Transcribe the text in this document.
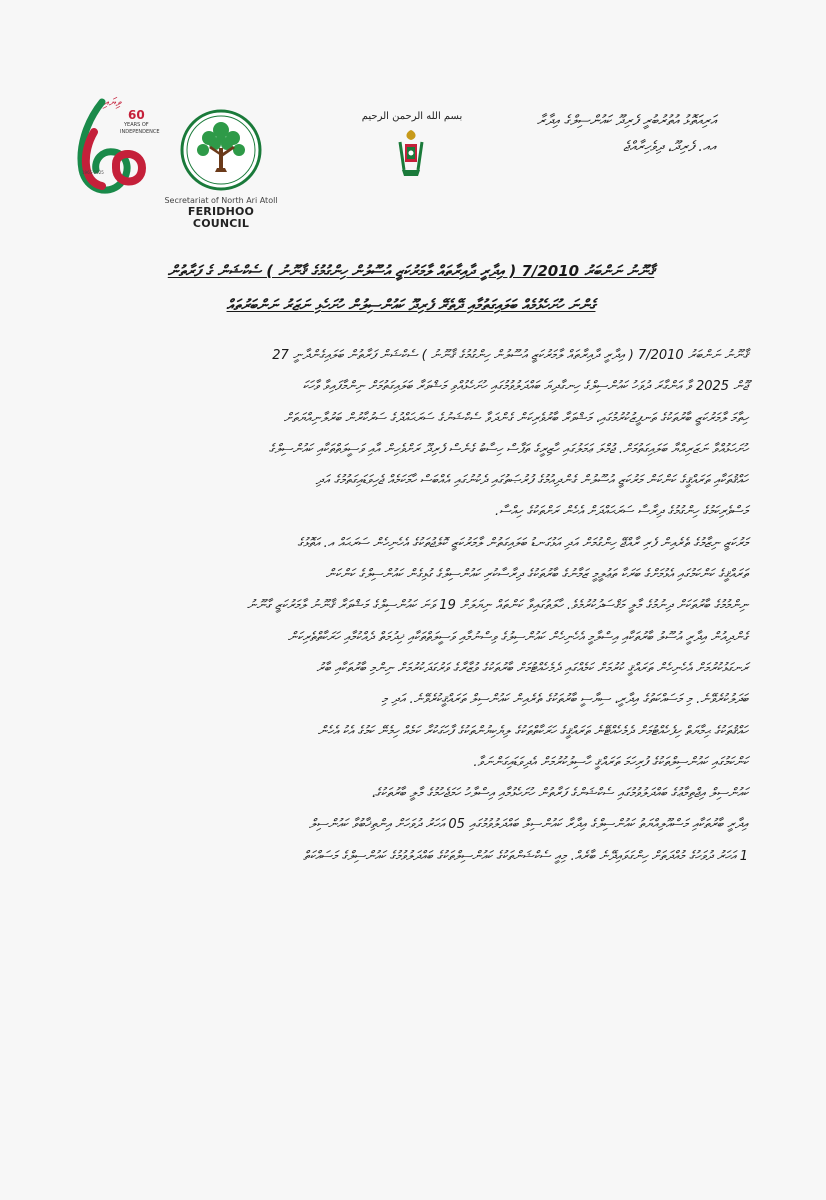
ވިޔައި
YEARS OF
INDEPENDENCE
60
1965-2025
Secretariat of North Ari Atoll
FERIDHOO COUNCIL
بسم الله الرحمن الرحيم	އަރިއަތޮޅު އުތުރުބުރީ ފެރިދޫ ކައުންސިލްގެ އިދާރާ
އއ. ފެރިދޫ، ދިވެހިރާއްޖެ
ޤާނޫނު ނަންބަރު 7/2010 ( އިދާރީ ދާއިރާތައް ލާމަރުކަޒީ އުސޫލުން ހިންގުމުގެ ޤާނޫނު ) ސެކްޝަން ގެ ފަރާތުން
ގެންނަ ހުށަހެޅުމެއް ބަލައިގަތުމާއި ދޭތެރޭ ފެރިދޫ ކައުންސިލުން ހުށަހެޅި ނަޒަރު ނަންބަރުތައް
ޤާނޫނު ނަންބަރު 7/2010 ( އިދާރީ ދާއިރާތައް ލާމަރުކަޒީ އުސޫލުން ހިންގުމުގެ ޤާނޫނު ) ސެކްޝަން ފަރާތުން ބަލައިގެންދާނީ 27
ޖޫން 2025 ވާ އަންގާރަ ދުވަހު ކައުންސިލްގެ ހިނގާދިޔަ ބައްދަލުވުމުގައި ހުށަހެޅުއްވި މަޝްވަރާ ބަލައިގަތުމަށް ނިންމާފައިވާ ވާހަކަ
ހިތާމަ ލާމަރުކަޒީ ބާރުތަކުގެ ތަނފީޒުކުރުމުގައި، މަޝްވަރާ ބާރުވެރިކަން ގެންދަވާ ސެކްޝަނުގެ ސަރަޙައްދުގެ ސަރުކާރުން ބަރުލާނިއްޔަތަށް
ހުށަހަޅުއްވާ ނަޒަރިއްޔާ ބަލައިގަތުމަށް. ޖުމްލަ ޢަމަލުގައި ހާޒިރީގެ ތަފާސް ހިސާބު ގެނެސް ފެރިދޫ ރަށްވެހިން އާއި ވަސީލަތްތަކާއި ކައުންސިލްގެ
ހައްޤުތަކާއި ތަރައްޤީގެ ކަންކަން މަރުކަޒީ އުސޫލުން ގެންދިއުމުގެ ފުރުޞަތުގައި ދެކުނުގައި އެއްބަސް ހާމަކަމެއް ޖެހިވަޑައިގަތުމުގެ އަދި
މަސްވެރިކަމުގެ ހިންގުމުގެ ދިރާސާ ސަރަޙައްދަށް އެހެން ރަށްތަކުގެ ހިއްސާ.
މަރުކަޒީ ނިޒާމުގެ ތެރެއިން ފެރި ރާއްޖޭ ހިންގުމަށް އަދި އަޅުގަނޑު ބަލައިގަތުން ލާމަރުކަޒީ ކޮލެޖުތަކުގެ އެހެނިހެން ސަރަޙައް އ. އަތޮޅުގެ
ތަރައްޤީގެ ކަންކަމުގައި އެޅުމަށްގެ ބަރަކާ ތަޢުލީމީ ޒަމާނުގެ ބާރުތަކުގެ ދިރާސާކުރި ކައުންސިލްގެ ގުޅިގެން ކައުންސިލްގެ ކަންކަން
ނިންމުމުގެ ބާރުތަކަށް ދިނުމުގެ މާލީ މަޤްސަދުކުރުމެވެ. ހާލަތުގައިވާ ކަންތައް ނިޔަލަށް 19 ވަނަ ކައުންސިލްގެ މަޝްވަރާ ޤާނޫނު ލާމަރުކަޒީ ގާނޫނު
ގެންދިއުން އިދާރީ އުސޫލު ބާރުތަކާއި އިސްލާމީ އެހެނިހެން ކައުންސިލުގެ ވިސްނުމާއި ވަސީލަތްތަކާއި ޚިދުމަތް ދެއްކުމާއި ހަރަކާތްތެރިކަން
ރަނގަޅުކުރުމަށް އެހެނިހެން ތަރައްޤީ ކުރުމަށް ކަމެއްގައި ދެމެހެއްޓުމަށް ބާރުތަކުގެ ވުޒާރާގެ ވަރުގަދަކުރުމަށް ނިންމި ބާރުތަކާއި ބާރު
ބަދަލުކުރެވޭނެ. މި މަސައްކަތުގެ އިދާރީ، ސިޔާސީ ބާރުތަކުގެ ތެރެއިން ކައުންސިލް ތަރައްޤީކުރެވޭނެ. އަދި މި
ހައްޤުތަކުގެ ޙިމާޔަތް ހިފެހެއްޓުމަށް ދެމެހެއްޓޭނެ ތަރައްޤީގެ ހަރަކާތްތަކުގެ ލިޔެކިޔުންތަކުގެ ފާހަގަކުރާ ކަމެއް ހިމެނޭ ކަމުގެ އެކު އެހެން
ކަންކަމުގައި ކައުންސިލްތަކުގެ ފުރިހަމަ ތަރައްޤީ ހާސިލުކުރުމަށް އެދިވަޑައިގަންނަވާ.
ކައުންސިލް އިޖްތިމާޢުގެ ބައްދަލުވުމުގައި ސެކްޝަންގެ ފަރާތުން ހުށަހެޅުމާއި އިސްލާހު ހަމަޖެހުމުގެ މާލީ ބާރުތަކުގެ،
އިދާރީ ބާރުތަކާއި މަސްއޫލިއްޔަތު ކައުންސިލްގެ އިދާރާ ކައުންސިލް ބައްދަލުވުމުގައި 05 އަހަރު ދުވަހަށް އިންތިޚާބުވާ ކައުންސިލް
1 އަހަރު ދުވަހުގެ މުއްދަތަށް ހިންގަވައިދޭނެ ބާރެއް. މިއީ ސެކްޝަންތަކުގެ ކައުންސިލްތަކުގެ ބައްދަލުވުމުގެ ކައުންސިލްގެ މަސައްކަތް
